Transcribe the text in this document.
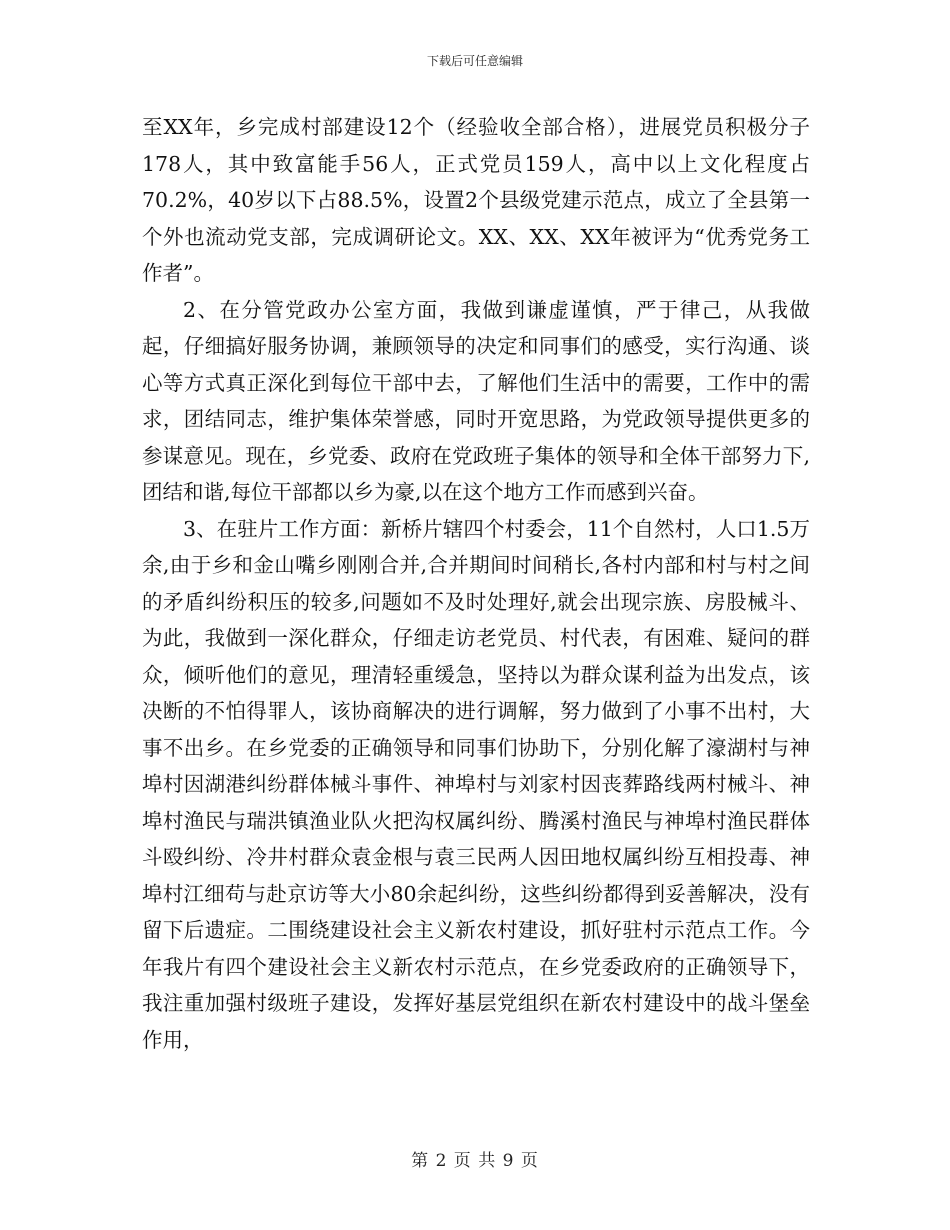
下载后可任意编辑

至XX年，乡完成村部建设12个（经验收全部合格），进展党员积极分子178人，其中致富能手56人，正式党员159人，高中以上文化程度占70.2%，40岁以下占88.5%，设置2个县级党建示范点，成立了全县第一个外也流动党支部，完成调研论文。XX、XX、XX年被评为“优秀党务工作者”。

2、在分管党政办公室方面，我做到谦虚谨慎，严于律己，从我做起，仔细搞好服务协调，兼顾领导的决定和同事们的感受，实行沟通、谈心等方式真正深化到每位干部中去，了解他们生活中的需要，工作中的需求，团结同志，维护集体荣誉感，同时开宽思路，为党政领导提供更多的参谋意见。现在，乡党委、政府在党政班子集体的领导和全体干部努力下,团结和谐,每位干部都以乡为豪,以在这个地方工作而感到兴奋。

3、在驻片工作方面：新桥片辖四个村委会，11个自然村，人口1.5万余,由于乡和金山嘴乡刚刚合并,合并期间时间稍长,各村内部和村与村之间的矛盾纠纷积压的较多,问题如不及时处理好,就会出现宗族、房股械斗、为此，我做到一深化群众，仔细走访老党员、村代表，有困难、疑问的群众，倾听他们的意见，理清轻重缓急，坚持以为群众谋利益为出发点，该决断的不怕得罪人，该协商解决的进行调解，努力做到了小事不出村，大事不出乡。在乡党委的正确领导和同事们协助下，分别化解了濠湖村与神埠村因湖港纠纷群体械斗事件、神埠村与刘家村因丧葬路线两村械斗、神埠村渔民与瑞洪镇渔业队火把沟权属纠纷、腾溪村渔民与神埠村渔民群体斗殴纠纷、冷井村群众袁金根与袁三民两人因田地权属纠纷互相投毒、神埠村江细苟与赴京访等大小80余起纠纷，这些纠纷都得到妥善解决，没有留下后遗症。二围绕建设社会主义新农村建设，抓好驻村示范点工作。今年我片有四个建设社会主义新农村示范点，在乡党委政府的正确领导下，我注重加强村级班子建设，发挥好基层党组织在新农村建设中的战斗堡垒作用，

第 2 页 共 9 页
